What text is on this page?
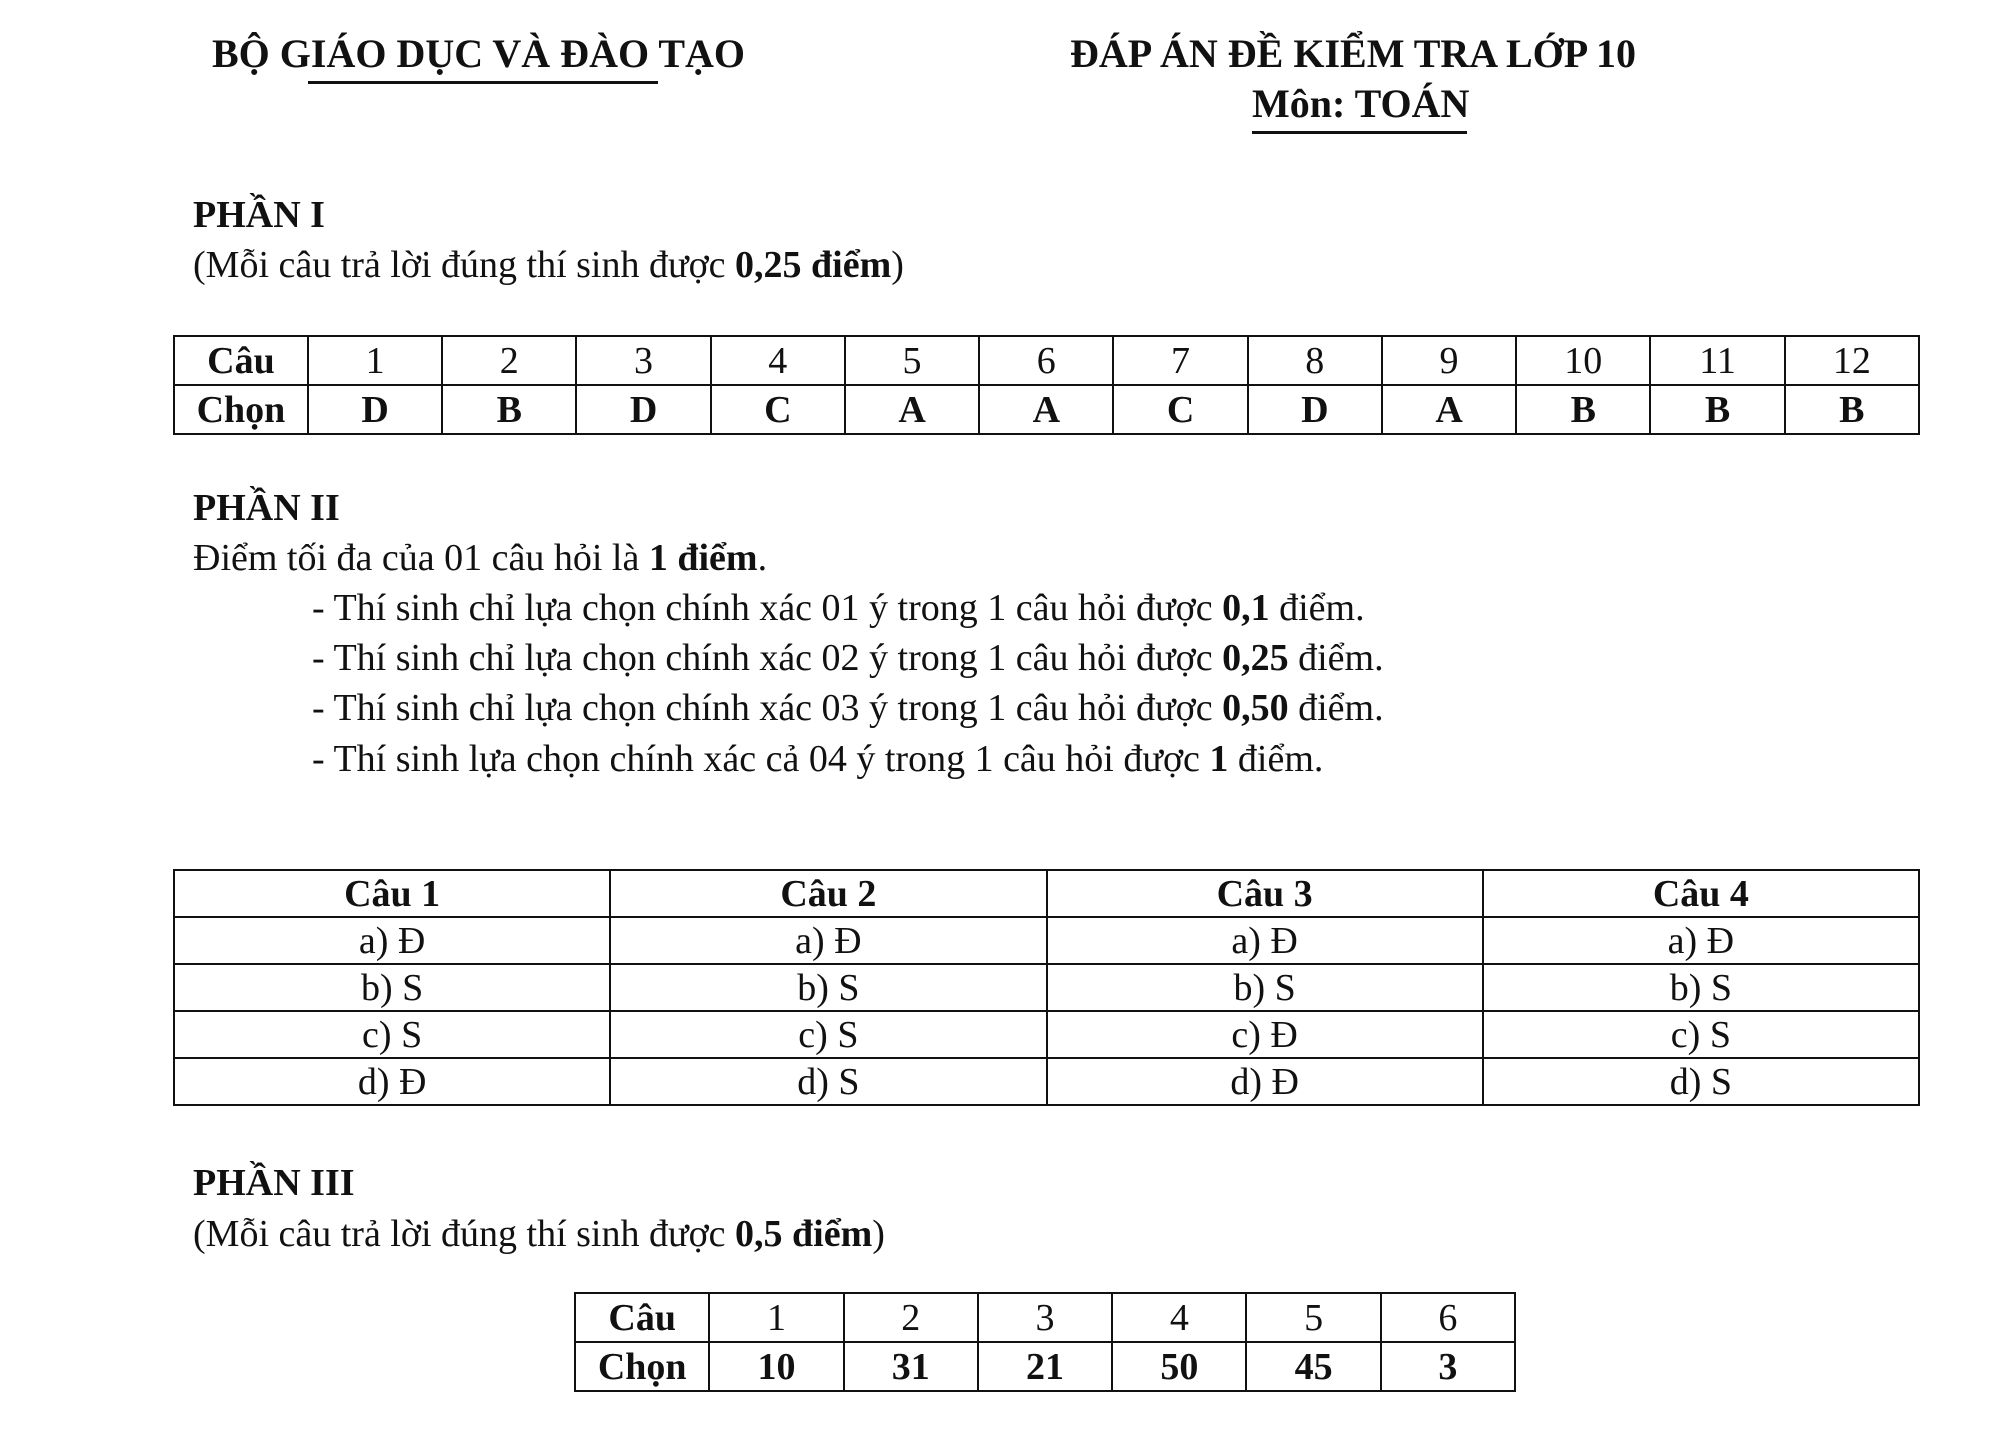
BỘ GIÁO DỤC VÀ ĐÀO TẠO	ĐÁP ÁN ĐỀ KIỂM TRA LỚP 10
Môn: TOÁN
PHẦN I
(Mỗi câu trả lời đúng thí sinh được 0,25 điểm)
Câu	1	2	3	4	5	6	7	8	9	10	11	12
Chọn	D	B	D	C	A	A	C	D	A	B	B	B
PHẦN II
Điểm tối đa của 01 câu hỏi là 1 điểm.
- Thí sinh chỉ lựa chọn chính xác 01 ý trong 1 câu hỏi được 0,1 điểm.
- Thí sinh chỉ lựa chọn chính xác 02 ý trong 1 câu hỏi được 0,25 điểm.
- Thí sinh chỉ lựa chọn chính xác 03 ý trong 1 câu hỏi được 0,50 điểm.
- Thí sinh lựa chọn chính xác cả 04 ý trong 1 câu hỏi được 1 điểm.
Câu 1	Câu 2	Câu 3	Câu 4
a) Đ	a) Đ	a) Đ	a) Đ
b) S	b) S	b) S	b) S
c) S	c) S	c) Đ	c) S
d) Đ	d) S	d) Đ	d) S
PHẦN III
(Mỗi câu trả lời đúng thí sinh được 0,5 điểm)
Câu	1	2	3	4	5	6
Chọn	10	31	21	50	45	3
